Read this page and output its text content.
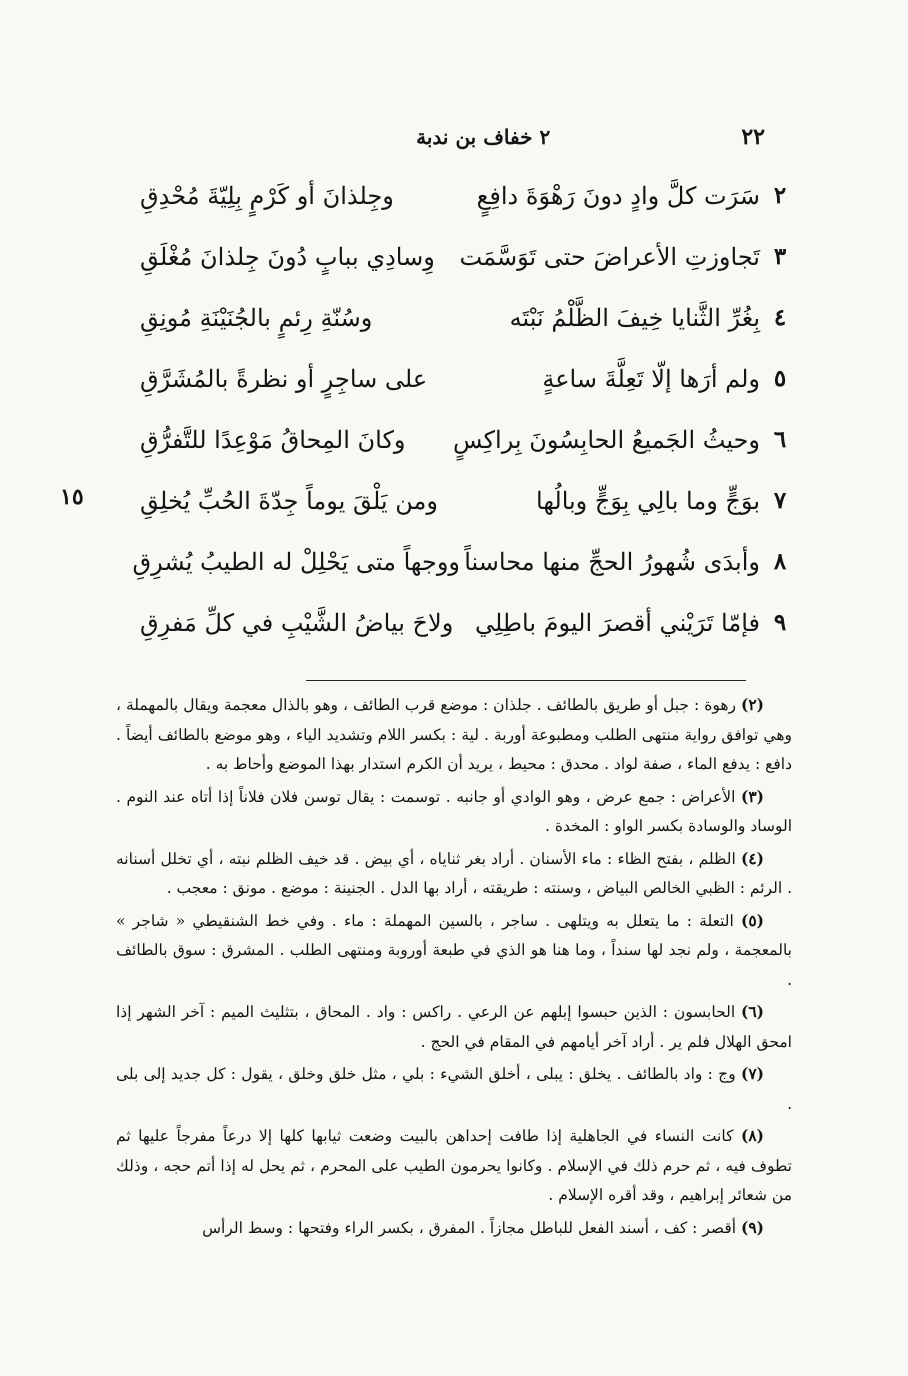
٢٢
٢ خفاف بن ندبة
٢
سَرَت كلَّ وادٍ دونَ رَهْوَةَ دافِعٍ
وجِلذانَ أو كَرْمٍ بِلِيّةَ مُحْدِقِ
٣
تَجاوزتِ الأعراضَ حتى تَوَسَّمَت
وِسادِي ببابٍ دُونَ جِلذانَ مُغْلَقِ
٤
بِغُرِّ الثَّنايا خِيفَ الظَّلْمُ نَبْتَه
وسُنّةِ رِئمٍ بالجُنَيْنَةِ مُونِقِ
٥
ولم أرَها إلّا تَعِلَّةَ ساعةٍ
على ساجِرٍ أو نظرةً بالمُشَرَّقِ
٦
وحيثُ الجَميعُ الحابِسُونَ بِراكِسٍ
وكانَ المِحاقُ مَوْعِدًا للتَّفرُّقِ
٧
بوَجٍّ وما بالِي بِوَجٍّ وبالُها
ومن يَلْقَ يوماً جِدّةَ الحُبِّ يُخلِقِ
٨
وأبدَى شُهورُ الحجِّ منها محاسناً
ووجهاً متى يَحْلِلْ له الطيبُ يُشرِقِ
٩
فإمّا تَرَيْني أقصرَ اليومَ باطِلِي
ولاحَ بياضُ الشَّيْبِ في كلِّ مَفرِقِ
١٥

(٢) رهوة : جبل أو طريق بالطائف . جلذان : موضع قرب الطائف ، وهو بالذال معجمة ويقال بالمهملة ، وهي توافق رواية منتهى الطلب ومطبوعة أوربة . لية : بكسر اللام وتشديد الياء ، وهو موضع بالطائف أيضاً . دافع : يدفع الماء ، صفة لواد . محدق : محيط ، يريد أن الكرم استدار بهذا الموضع وأحاط به .

(٣) الأعراض : جمع عرض ، وهو الوادي أو جانبه . توسمت : يقال توسن فلان فلاناً إذا أتاه عند النوم . الوساد والوسادة بكسر الواو : المخدة .

(٤) الظلم ، بفتح الظاء : ماء الأسنان . أراد بغر ثناياه ، أي بيض . قد خيف الظلم نبته ، أي تخلل أسنانه . الرئم : الظبي الخالص البياض ، وسنته : طريقته ، أراد بها الدل . الجنينة : موضع . مونق : معجب .

(٥) التعلة : ما يتعلل به ويتلهى . ساجر ، بالسين المهملة : ماء . وفي خط الشنقيطي « شاجر » بالمعجمة ، ولم نجد لها سنداً ، وما هنا هو الذي في طبعة أوروبة ومنتهى الطلب . المشرق : سوق بالطائف .

(٦) الحابسون : الذين حبسوا إبلهم عن الرعي . راكس : واد . المحاق ، بتثليث الميم : آخر الشهر إذا امحق الهلال فلم ير . أراد آخر أيامهم في المقام في الحج .

(٧) وج : واد بالطائف . يخلق : يبلى ، أخلق الشيء : بلي ، مثل خلق وخلق ، يقول : كل جديد إلى بلى .

(٨) كانت النساء في الجاهلية إذا طافت إحداهن بالبيت وضعت ثيابها كلها إلا درعاً مفرجاً عليها ثم تطوف فيه ، ثم حرم ذلك في الإسلام . وكانوا يحرمون الطيب على المحرم ، ثم يحل له إذا أتم حجه ، وذلك من شعائر إبراهيم ، وقد أقره الإسلام .

(٩) أقصر : كف ، أسند الفعل للباطل مجازاً . المفرق ، بكسر الراء وفتحها : وسط الرأس
